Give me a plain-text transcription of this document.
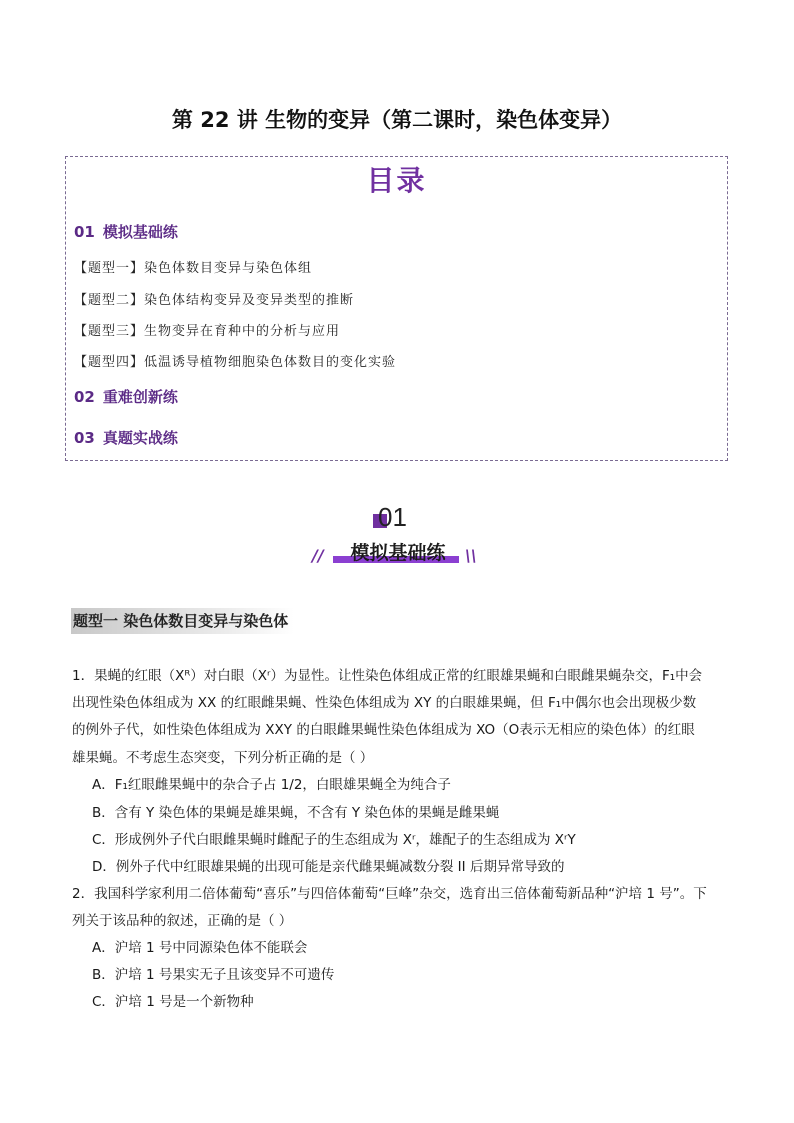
第 22 讲 生物的变异（第二课时，染色体变异）
目录
01 模拟基础练
【题型一】染色体数目变异与染色体组
【题型二】染色体结构变异及变异类型的推断
【题型三】生物变异在育种中的分析与应用
【题型四】低温诱导植物细胞染色体数目的变化实验
02 重难创新练
03 真题实战练
01
//	模拟基础练	\\
题型一 染色体数目变异与染色体
1．果蝇的红眼（Xᴿ）对白眼（Xʳ）为显性。让性染色体组成正常的红眼雄果蝇和白眼雌果蝇杂交，F₁中会
出现性染色体组成为 XX 的红眼雌果蝇、性染色体组成为 XY 的白眼雄果蝇，但 F₁中偶尔也会出现极少数
的例外子代，如性染色体组成为 XXY 的白眼雌果蝇性染色体组成为 XO（O表示无相应的染色体）的红眼
雄果蝇。不考虑生态突变，下列分析正确的是（ ）
A．F₁红眼雌果蝇中的杂合子占 1/2，白眼雄果蝇全为纯合子
B．含有 Y 染色体的果蝇是雄果蝇，不含有 Y 染色体的果蝇是雌果蝇
C．形成例外子代白眼雌果蝇时雌配子的生态组成为 Xʳ，雄配子的生态组成为 XʳY
D．例外子代中红眼雄果蝇的出现可能是亲代雌果蝇减数分裂 II 后期异常导致的
2．我国科学家利用二倍体葡萄“喜乐”与四倍体葡萄“巨峰”杂交，选育出三倍体葡萄新品种“沪培 1 号”。下
列关于该品种的叙述，正确的是（ ）
A．沪培 1 号中同源染色体不能联会
B．沪培 1 号果实无子且该变异不可遗传
C．沪培 1 号是一个新物种
